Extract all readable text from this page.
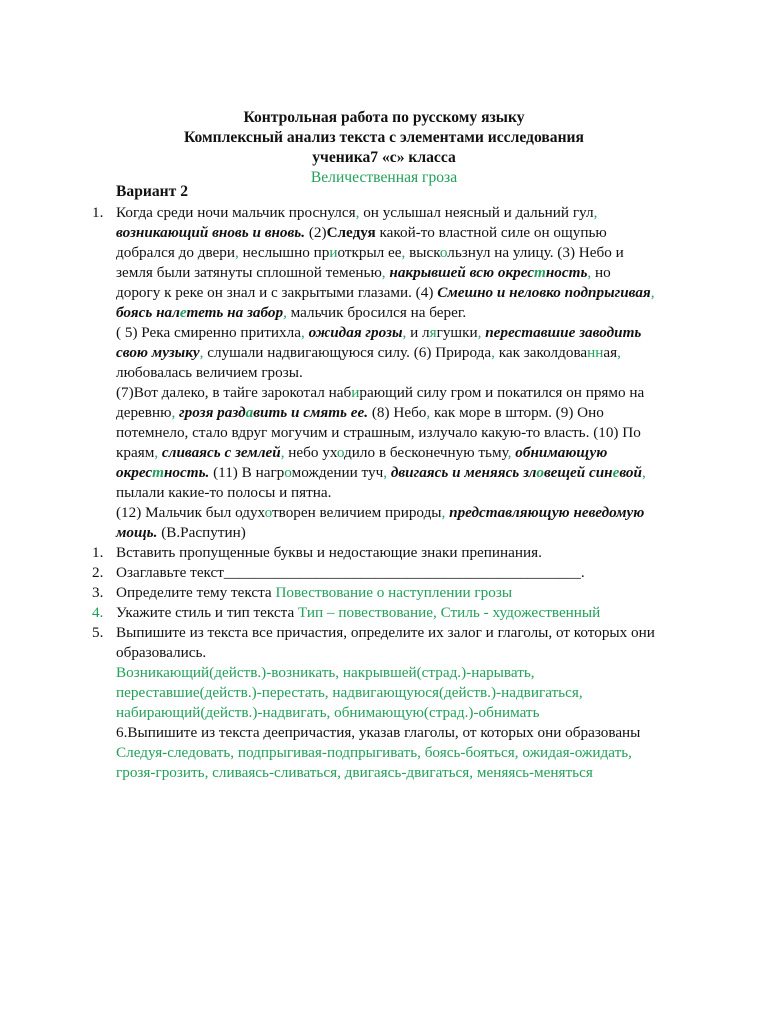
Контрольная работа по русскому языку
Комплексный анализ текста с элементами исследования
ученика7 «с» класса
Величественная гроза
Вариант 2

1. Когда среди ночи мальчик проснулся, он услышал неясный и дальний гул, возникающий вновь и вновь. (2)Следуя какой-то властной силе он ощупью добрался до двери, неслышно приоткрыл ее, выскользнул на улицу. (3) Небо и земля были затянуты сплошной теменью, накрывшей всю окрестность, но дорогу к реке он знал и с закрытыми глазами. (4) Смешно и неловко подпрыгивая, боясь налететь на забор, мальчик бросился на берег.

( 5) Река смиренно притихла, ожидая грозы, и лягушки, переставшие заводить свою музыку, слушали надвигающуюся силу. (6) Природа, как заколдованная, любовалась величием грозы.

(7)Вот далеко, в тайге зарокотал набирающий силу гром и покатился он прямо на деревню, грозя раздавить и смять ее. (8) Небо, как море в шторм. (9) Оно потемнело, стало вдруг могучим и страшным, излучало какую-то власть. (10) По краям, сливаясь с землей, небо уходило в бесконечную тьму, обнимающую окрестность. (11) В нагромождении туч, двигаясь и меняясь зловещей синевой, пылали какие-то полосы и пятна.

(12) Мальчик был одухотворен величием природы, представляющую неведомую мощь. (В.Распутин)

1. Вставить пропущенные буквы и недостающие знаки препинания.

2. Озаглавьте текст_______________________________________________.

3. Определите тему текста Повествование о наступлении грозы

4. Укажите стиль и тип текста Тип – повествование, Стиль - художественный

5. Выпишите из текста все причастия, определите их залог и глаголы, от которых они образовались.

Возникающий(действ.)-возникать, накрывшей(страд.)-нарывать, переставшие(действ.)-перестать, надвигающуюся(действ.)-надвигаться, набирающий(действ.)-надвигать, обнимающую(страд.)-обнимать

6.Выпишите из текста деепричастия, указав глаголы, от которых они образованы

Следуя-следовать, подпрыгивая-подпрыгивать, боясь-бояться, ожидая-ожидать, грозя-грозить, сливаясь-сливаться, двигаясь-двигаться, меняясь-меняться
